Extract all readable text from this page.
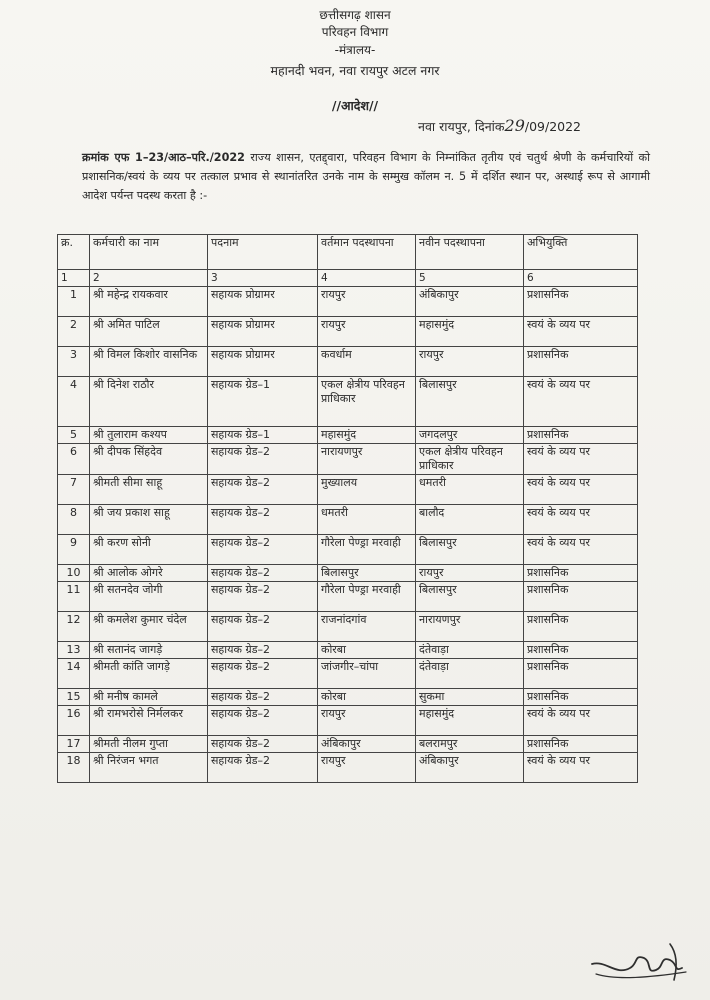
छत्तीसगढ़ शासन
परिवहन विभाग
-मंत्रालय-
महानदी भवन, नवा रायपुर अटल नगर
//आदेश//
नवा रायपुर, दिनांक29/09/2022
क्रमांक एफ 1–23/आठ–परि./2022 राज्य शासन, एतद्द्वारा, परिवहन विभाग के निम्नांकित तृतीय एवं चतुर्थ श्रेणी के कर्मचारियों को प्रशासनिक/स्वयं के व्यय पर तत्काल प्रभाव से स्थानांतरित उनके नाम के सम्मुख कॉलम न. 5 में दर्शित स्थान पर, अस्थाई रूप से आगामी आदेश पर्यन्त पदस्थ करता है :-
क्र.	कर्मचारी का नाम	पदनाम	वर्तमान पदस्थापना	नवीन पदस्थापना	अभियुक्ति
1	2	3	4	5	6
1	श्री महेन्द्र रायकवार	सहायक प्रोग्रामर	रायपुर	अंबिकापुर	प्रशासनिक
2	श्री अमित पाटिल	सहायक प्रोग्रामर	रायपुर	महासमुंद	स्वयं के व्यय पर
3	श्री विमल किशोर वासनिक	सहायक प्रोग्रामर	कवर्धाम	रायपुर	प्रशासनिक
4	श्री दिनेश राठौर	सहायक ग्रेड–1	एकल क्षेत्रीय परिवहन प्राधिकार	बिलासपुर	स्वयं के व्यय पर
5	श्री तुलाराम कश्यप	सहायक ग्रेड–1	महासमुंद	जगदलपुर	प्रशासनिक
6	श्री दीपक सिंहदेव	सहायक ग्रेड–2	नारायणपुर	एकल क्षेत्रीय परिवहन प्राधिकार	स्वयं के व्यय पर
7	श्रीमती सीमा साहू	सहायक ग्रेड–2	मुख्यालय	धमतरी	स्वयं के व्यय पर
8	श्री जय प्रकाश साहू	सहायक ग्रेड–2	धमतरी	बालौद	स्वयं के व्यय पर
9	श्री करण सोनी	सहायक ग्रेड–2	गौरेला पेण्ड्रा मरवाही	बिलासपुर	स्वयं के व्यय पर
10	श्री आलोक ओगरे	सहायक ग्रेड–2	बिलासपुर	रायपुर	प्रशासनिक
11	श्री सतनदेव जोगी	सहायक ग्रेड–2	गौरेला पेण्ड्रा मरवाही	बिलासपुर	प्रशासनिक
12	श्री कमलेश कुमार चंदेल	सहायक ग्रेड–2	राजनांदगांव	नारायणपुर	प्रशासनिक
13	श्री सतानंद जागड़े	सहायक ग्रेड–2	कोरबा	दंतेवाड़ा	प्रशासनिक
14	श्रीमती कांति जागड़े	सहायक ग्रेड–2	जांजगीर–चांपा	दंतेवाड़ा	प्रशासनिक
15	श्री मनीष कामले	सहायक ग्रेड–2	कोरबा	सुकमा	प्रशासनिक
16	श्री रामभरोसे निर्मलकर	सहायक ग्रेड–2	रायपुर	महासमुंद	स्वयं के व्यय पर
17	श्रीमती नीलम गुप्ता	सहायक ग्रेड–2	अंबिकापुर	बलरामपुर	प्रशासनिक
18	श्री निरंजन भगत	सहायक ग्रेड–2	रायपुर	अंबिकापुर	स्वयं के व्यय पर
